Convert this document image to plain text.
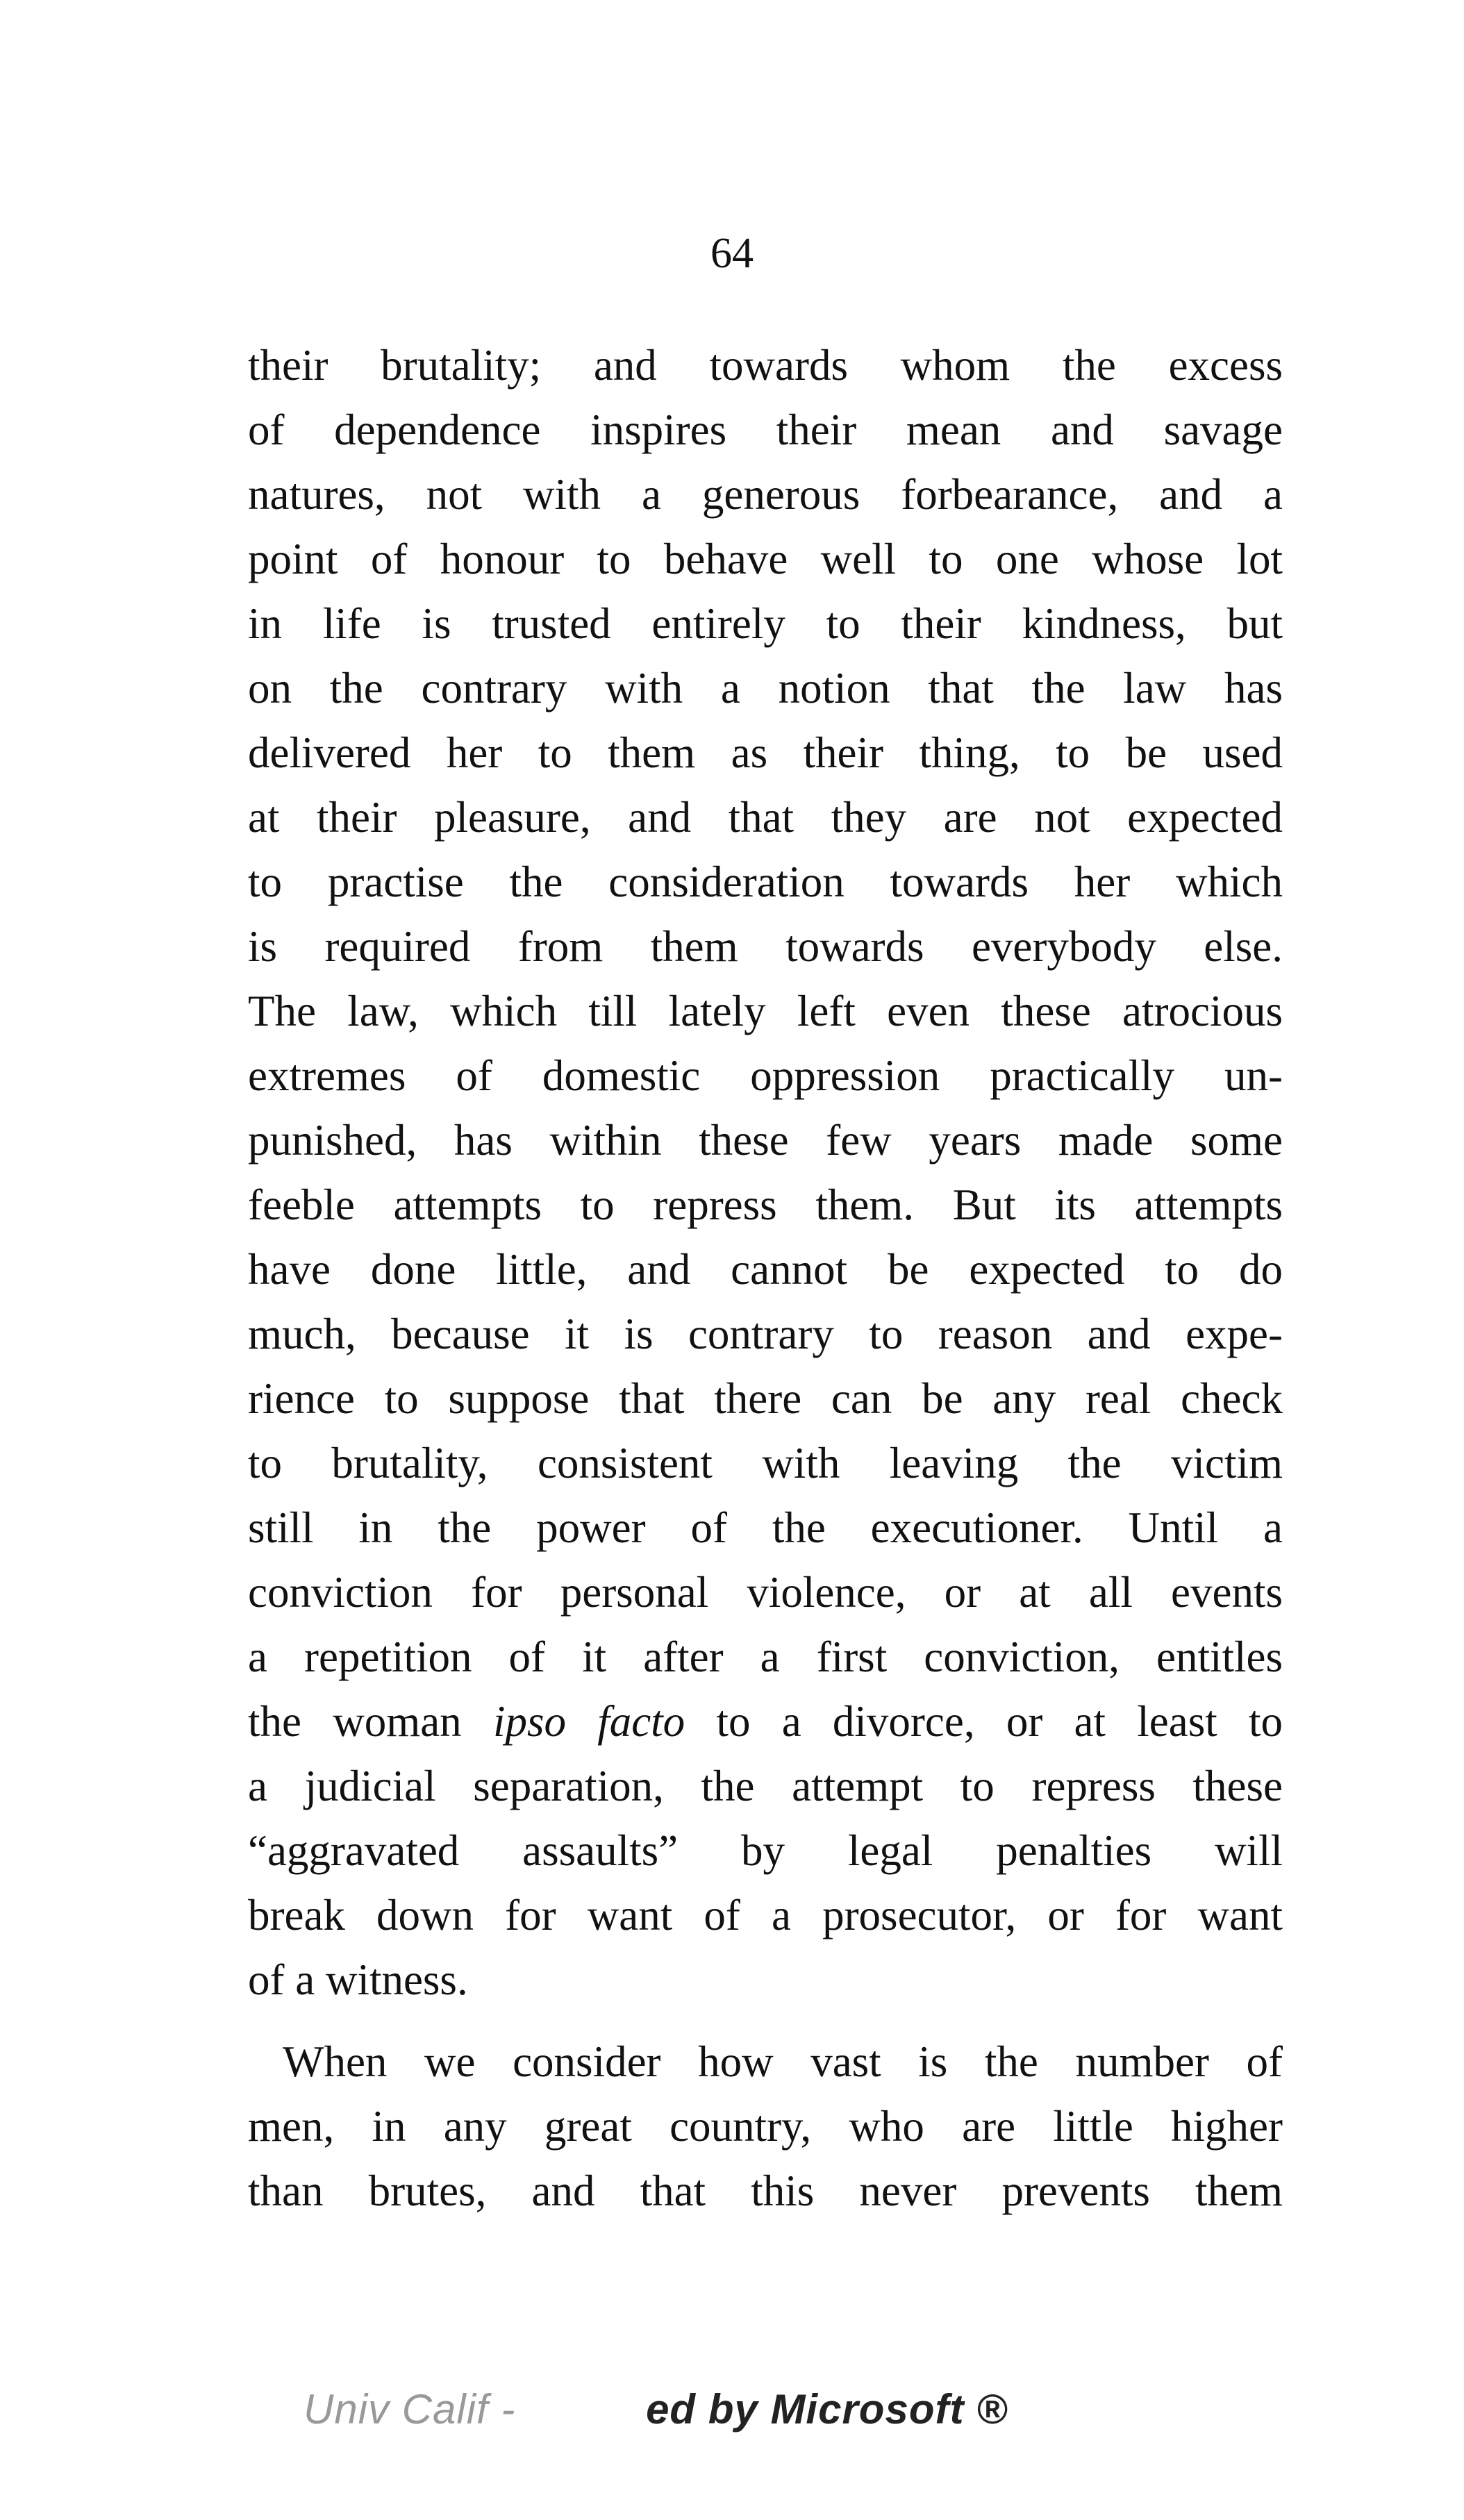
64
their brutality; and towards whom the excess
of dependence inspires their mean and savage
natures, not with a generous forbearance, and a
point of honour to behave well to one whose lot
in life is trusted entirely to their kindness, but
on the contrary with a notion that the law has
delivered her to them as their thing, to be used
at their pleasure, and that they are not expected
to practise the consideration towards her which
is required from them towards everybody else.
The law, which till lately left even these atrocious
extremes of domestic oppression practically un-
punished, has within these few years made some
feeble attempts to repress them. But its attempts
have done little, and cannot be expected to do
much, because it is contrary to reason and expe-
rience to suppose that there can be any real check
to brutality, consistent with leaving the victim
still in the power of the executioner. Until a
conviction for personal violence, or at all events
a repetition of it after a first conviction, entitles
the woman ipso facto to a divorce, or at least to
a judicial separation, the attempt to repress these
“aggravated assaults” by legal penalties will
break down for want of a prosecutor, or for want
of a witness.
When we consider how vast is the number of
men, in any great country, who are little higher
than brutes, and that this never prevents them
Univ Calif -	ed by Microsoft ®
